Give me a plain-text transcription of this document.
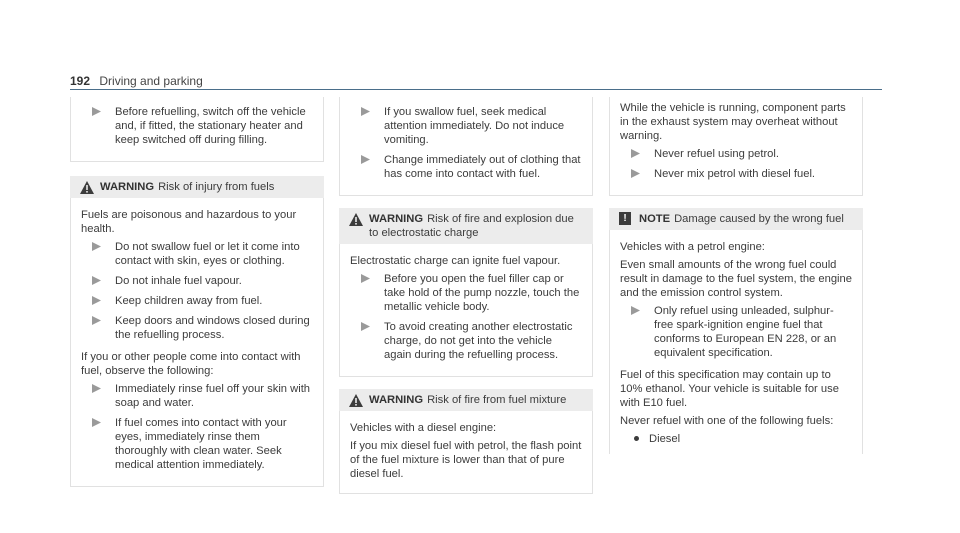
192 Driving and parking
Before refuelling, switch off the vehicle and, if fitted, the stationary heater and keep switched off during filling.
WARNING Risk of injury from fuels

Fuels are poisonous and hazardous to your health.

Do not swallow fuel or let it come into contact with skin, eyes or clothing.
Do not inhale fuel vapour.
Keep children away from fuel.
Keep doors and windows closed during the refuelling process.

If you or other people come into contact with fuel, observe the following:

Immediately rinse fuel off your skin with soap and water.
If fuel comes into contact with your eyes, immediately rinse them thoroughly with clean water. Seek medical attention immediately.
If you swallow fuel, seek medical attention immediately. Do not induce vomiting.
Change immediately out of clothing that has come into contact with fuel.
WARNING Risk of fire and explosion due to electrostatic charge

Electrostatic charge can ignite fuel vapour.

Before you open the fuel filler cap or take hold of the pump nozzle, touch the metallic vehicle body.
To avoid creating another electrostatic charge, do not get into the vehicle again during the refuelling process.
WARNING Risk of fire from fuel mixture

Vehicles with a diesel engine:

If you mix diesel fuel with petrol, the flash point of the fuel mixture is lower than that of pure diesel fuel.

While the vehicle is running, component parts in the exhaust system may overheat without warning.

Never refuel using petrol.
Never mix petrol with diesel fuel.
!	NOTE Damage caused by the wrong fuel

Vehicles with a petrol engine:

Even small amounts of the wrong fuel could result in damage to the fuel system, the engine and the emission control system.

Only refuel using unleaded, sulphur-free spark-ignition engine fuel that conforms to European EN 228, or an equivalent specification.

Fuel of this specification may contain up to 10% ethanol. Your vehicle is suitable for use with E10 fuel.

Never refuel with one of the following fuels:

Diesel
